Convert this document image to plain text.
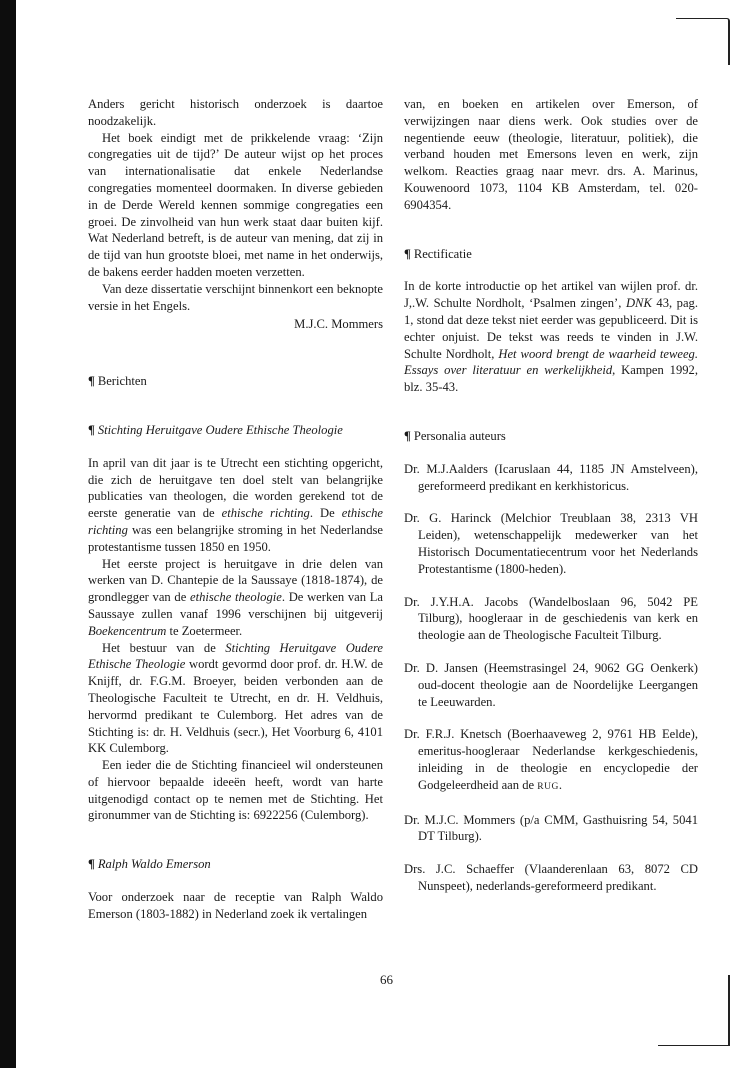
Anders gericht historisch onderzoek is daartoe noodzakelijk.

Het boek eindigt met de prikkelende vraag: ‘Zijn congregaties uit de tijd?’ De auteur wijst op het proces van internationalisatie dat enkele Nederlandse congregaties momenteel doormaken. In diverse gebieden in de Derde Wereld kennen sommige congregaties een groei. De zinvolheid van hun werk staat daar buiten kijf. Wat Nederland betreft, is de auteur van mening, dat zij in de tijd van hun grootste bloei, met name in het onderwijs, de bakens eerder hadden moeten verzetten.

Van deze dissertatie verschijnt binnenkort een beknopte versie in het Engels.

M.J.C. Mommers

¶ Berichten
¶ Stichting Heruitgave Oudere Ethische Theologie

In april van dit jaar is te Utrecht een stichting opgericht, die zich de heruitgave ten doel stelt van belangrijke publicaties van theologen, die worden gerekend tot de eerste generatie van de ethische richting. De ethische richting was een belangrijke stroming in het Nederlandse protestantisme tussen 1850 en 1950.

Het eerste project is heruitgave in drie delen van werken van D. Chantepie de la Saussaye (1818-1874), de grondlegger van de ethische theologie. De werken van La Saussaye zullen vanaf 1996 verschijnen bij uitgeverij Boekencentrum te Zoetermeer.

Het bestuur van de Stichting Heruitgave Oudere Ethische Theologie wordt gevormd door prof. dr. H.W. de Knijff, dr. F.G.M. Broeyer, beiden verbonden aan de Theologische Faculteit te Utrecht, en dr. H. Veldhuis, hervormd predikant te Culemborg. Het adres van de Stichting is: dr. H. Veldhuis (secr.), Het Voorburg 6, 4101 KK Culemborg.

Een ieder die de Stichting financieel wil ondersteunen of hiervoor bepaalde ideeën heeft, wordt van harte uitgenodigd contact op te nemen met de Stichting. Het gironummer van de Stichting is: 6922256 (Culemborg).

¶ Ralph Waldo Emerson

Voor onderzoek naar de receptie van Ralph Waldo Emerson (1803-1882) in Nederland zoek ik vertalingen

van, en boeken en artikelen over Emerson, of verwijzingen naar diens werk. Ook studies over de negentiende eeuw (theologie, literatuur, politiek), die verband houden met Emersons leven en werk, zijn welkom. Reacties graag naar mevr. drs. A. Marinus, Kouwenoord 1073, 1104 KB Amsterdam, tel. 020-6904354.

¶ Rectificatie

In de korte introductie op het artikel van wijlen prof. dr. J,.W. Schulte Nordholt, ‘Psalmen zingen’, DNK 43, pag. 1, stond dat deze tekst niet eerder was gepubliceerd. Dit is echter onjuist. De tekst was reeds te vinden in J.W. Schulte Nordholt, Het woord brengt de waarheid teweeg. Essays over literatuur en werkelijkheid, Kampen 1992, blz. 35-43.

¶ Personalia auteurs

Dr. M.J.Aalders (Icaruslaan 44, 1185 JN Amstelveen), gereformeerd predikant en kerkhistoricus.

Dr. G. Harinck (Melchior Treublaan 38, 2313 VH Leiden), wetenschappelijk medewerker van het Historisch Documentatiecentrum voor het Nederlands Protestantisme (1800-heden).

Dr. J.Y.H.A. Jacobs (Wandelboslaan 96, 5042 PE Tilburg), hoogleraar in de geschiedenis van kerk en theologie aan de Theologische Faculteit Tilburg.

Dr. D. Jansen (Heemstrasingel 24, 9062 GG Oenkerk) oud-docent theologie aan de Noordelijke Leergangen te Leeuwarden.

Dr. F.R.J. Knetsch (Boerhaaveweg 2, 9761 HB Eelde), emeritus-hoogleraar Nederlandse kerkgeschiedenis, inleiding in de theologie en encyclopedie der Godgeleerdheid aan de RUG.

Dr. M.J.C. Mommers (p/a CMM, Gasthuisring 54, 5041 DT Tilburg).

Drs. J.C. Schaeffer (Vlaanderenlaan 63, 8072 CD Nunspeet), nederlands-gereformeerd predikant.

66
